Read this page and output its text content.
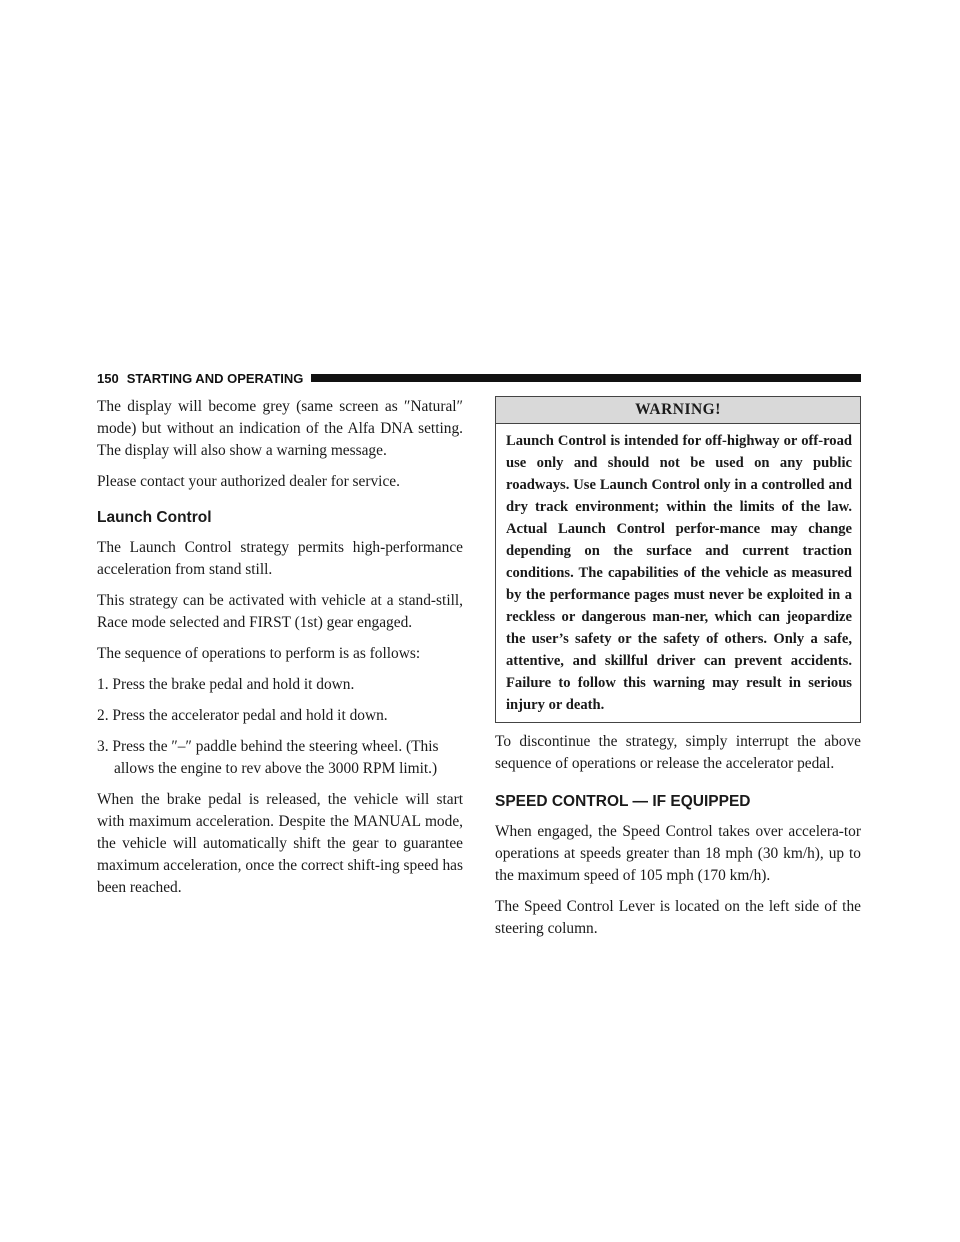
150 STARTING AND OPERATING

The display will become grey (same screen as ″Natural″ mode) but without an indication of the Alfa DNA setting. The display will also show a warning message.

Please contact your authorized dealer for service.

Launch Control

The Launch Control strategy permits high-performance acceleration from stand still.

This strategy can be activated with vehicle at a stand-still, Race mode selected and FIRST (1st) gear engaged.

The sequence of operations to perform is as follows:

1. Press the brake pedal and hold it down.
2. Press the accelerator pedal and hold it down.
3. Press the ″–″ paddle behind the steering wheel. (This allows the engine to rev above the 3000 RPM limit.)

When the brake pedal is released, the vehicle will start with maximum acceleration. Despite the MANUAL mode, the vehicle will automatically shift the gear to guarantee maximum acceleration, once the correct shift-ing speed has been reached.

WARNING!
Launch Control is intended for off-highway or off-road use only and should not be used on any public roadways. Use Launch Control only in a controlled and dry track environment; within the limits of the law. Actual Launch Control perfor-mance may change depending on the surface and current traction conditions. The capabilities of the vehicle as measured by the performance pages must never be exploited in a reckless or dangerous man-ner, which can jeopardize the user’s safety or the safety of others. Only a safe, attentive, and skillful driver can prevent accidents. Failure to follow this warning may result in serious injury or death.

To discontinue the strategy, simply interrupt the above sequence of operations or release the accelerator pedal.

SPEED CONTROL — IF EQUIPPED

When engaged, the Speed Control takes over accelera-tor operations at speeds greater than 18 mph (30 km/h), up to the maximum speed of 105 mph (170 km/h).

The Speed Control Lever is located on the left side of the steering column.
